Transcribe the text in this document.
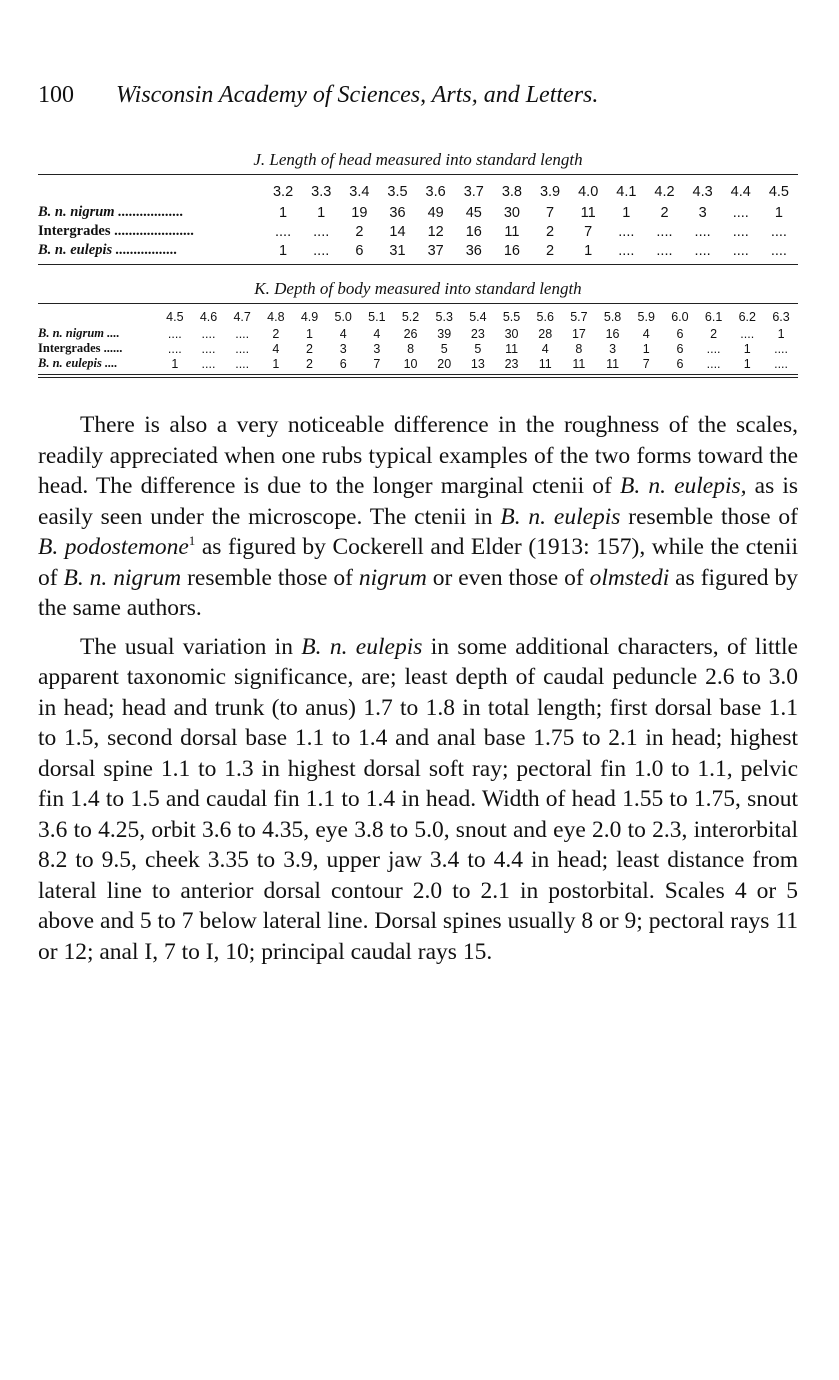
100 Wisconsin Academy of Sciences, Arts, and Letters.
J. Length of head measured into standard length
	3.2	3.3	3.4	3.5	3.6	3.7	3.8	3.9	4.0	4.1	4.2	4.3	4.4	4.5
B. n. nigrum ..................	1	1	19	36	49	45	30	7	11	1	2	3	....	1
Intergrades ......................	....	....	2	14	12	16	11	2	7	....	....	....	....	....
B. n. eulepis .................	1	....	6	31	37	36	16	2	1	....	....	....	....	....
K. Depth of body measured into standard length
	4.5	4.6	4.7	4.8	4.9	5.0	5.1	5.2	5.3	5.4	5.5	5.6	5.7	5.8	5.9	6.0	6.1	6.2	6.3
B. n. nigrum ....	....	....	....	2	1	4	4	26	39	23	30	28	17	16	4	6	2	....	1
Intergrades ......	....	....	....	4	2	3	3	8	5	5	11	4	8	3	1	6	....	1	....
B. n. eulepis ....	1	....	....	1	2	6	7	10	20	13	23	11	11	11	7	6	....	1	....

There is also a very noticeable difference in the roughness of the scales, readily appreciated when one rubs typical examples of the two forms toward the head. The difference is due to the longer marginal ctenii of B. n. eulepis, as is easily seen under the microscope. The ctenii in B. n. eulepis resemble those of B. podostemone$^1$ as figured by Cockerell and Elder (1913: 157), while the ctenii of B. n. nigrum resemble those of nigrum or even those of olmstedi as figured by the same authors.

The usual variation in B. n. eulepis in some additional characters, of little apparent taxonomic significance, are; least depth of caudal peduncle 2.6 to 3.0 in head; head and trunk (to anus) 1.7 to 1.8 in total length; first dorsal base 1.1 to 1.5, second dorsal base 1.1 to 1.4 and anal base 1.75 to 2.1 in head; highest dorsal spine 1.1 to 1.3 in highest dorsal soft ray; pectoral fin 1.0 to 1.1, pelvic fin 1.4 to 1.5 and caudal fin 1.1 to 1.4 in head. Width of head 1.55 to 1.75, snout 3.6 to 4.25, orbit 3.6 to 4.35, eye 3.8 to 5.0, snout and eye 2.0 to 2.3, interorbital 8.2 to 9.5, cheek 3.35 to 3.9, upper jaw 3.4 to 4.4 in head; least distance from lateral line to anterior dorsal contour 2.0 to 2.1 in postorbital. Scales 4 or 5 above and 5 to 7 below lateral line. Dorsal spines usually 8 or 9; pectoral rays 11 or 12; anal I, 7 to I, 10; principal caudal rays 15.
